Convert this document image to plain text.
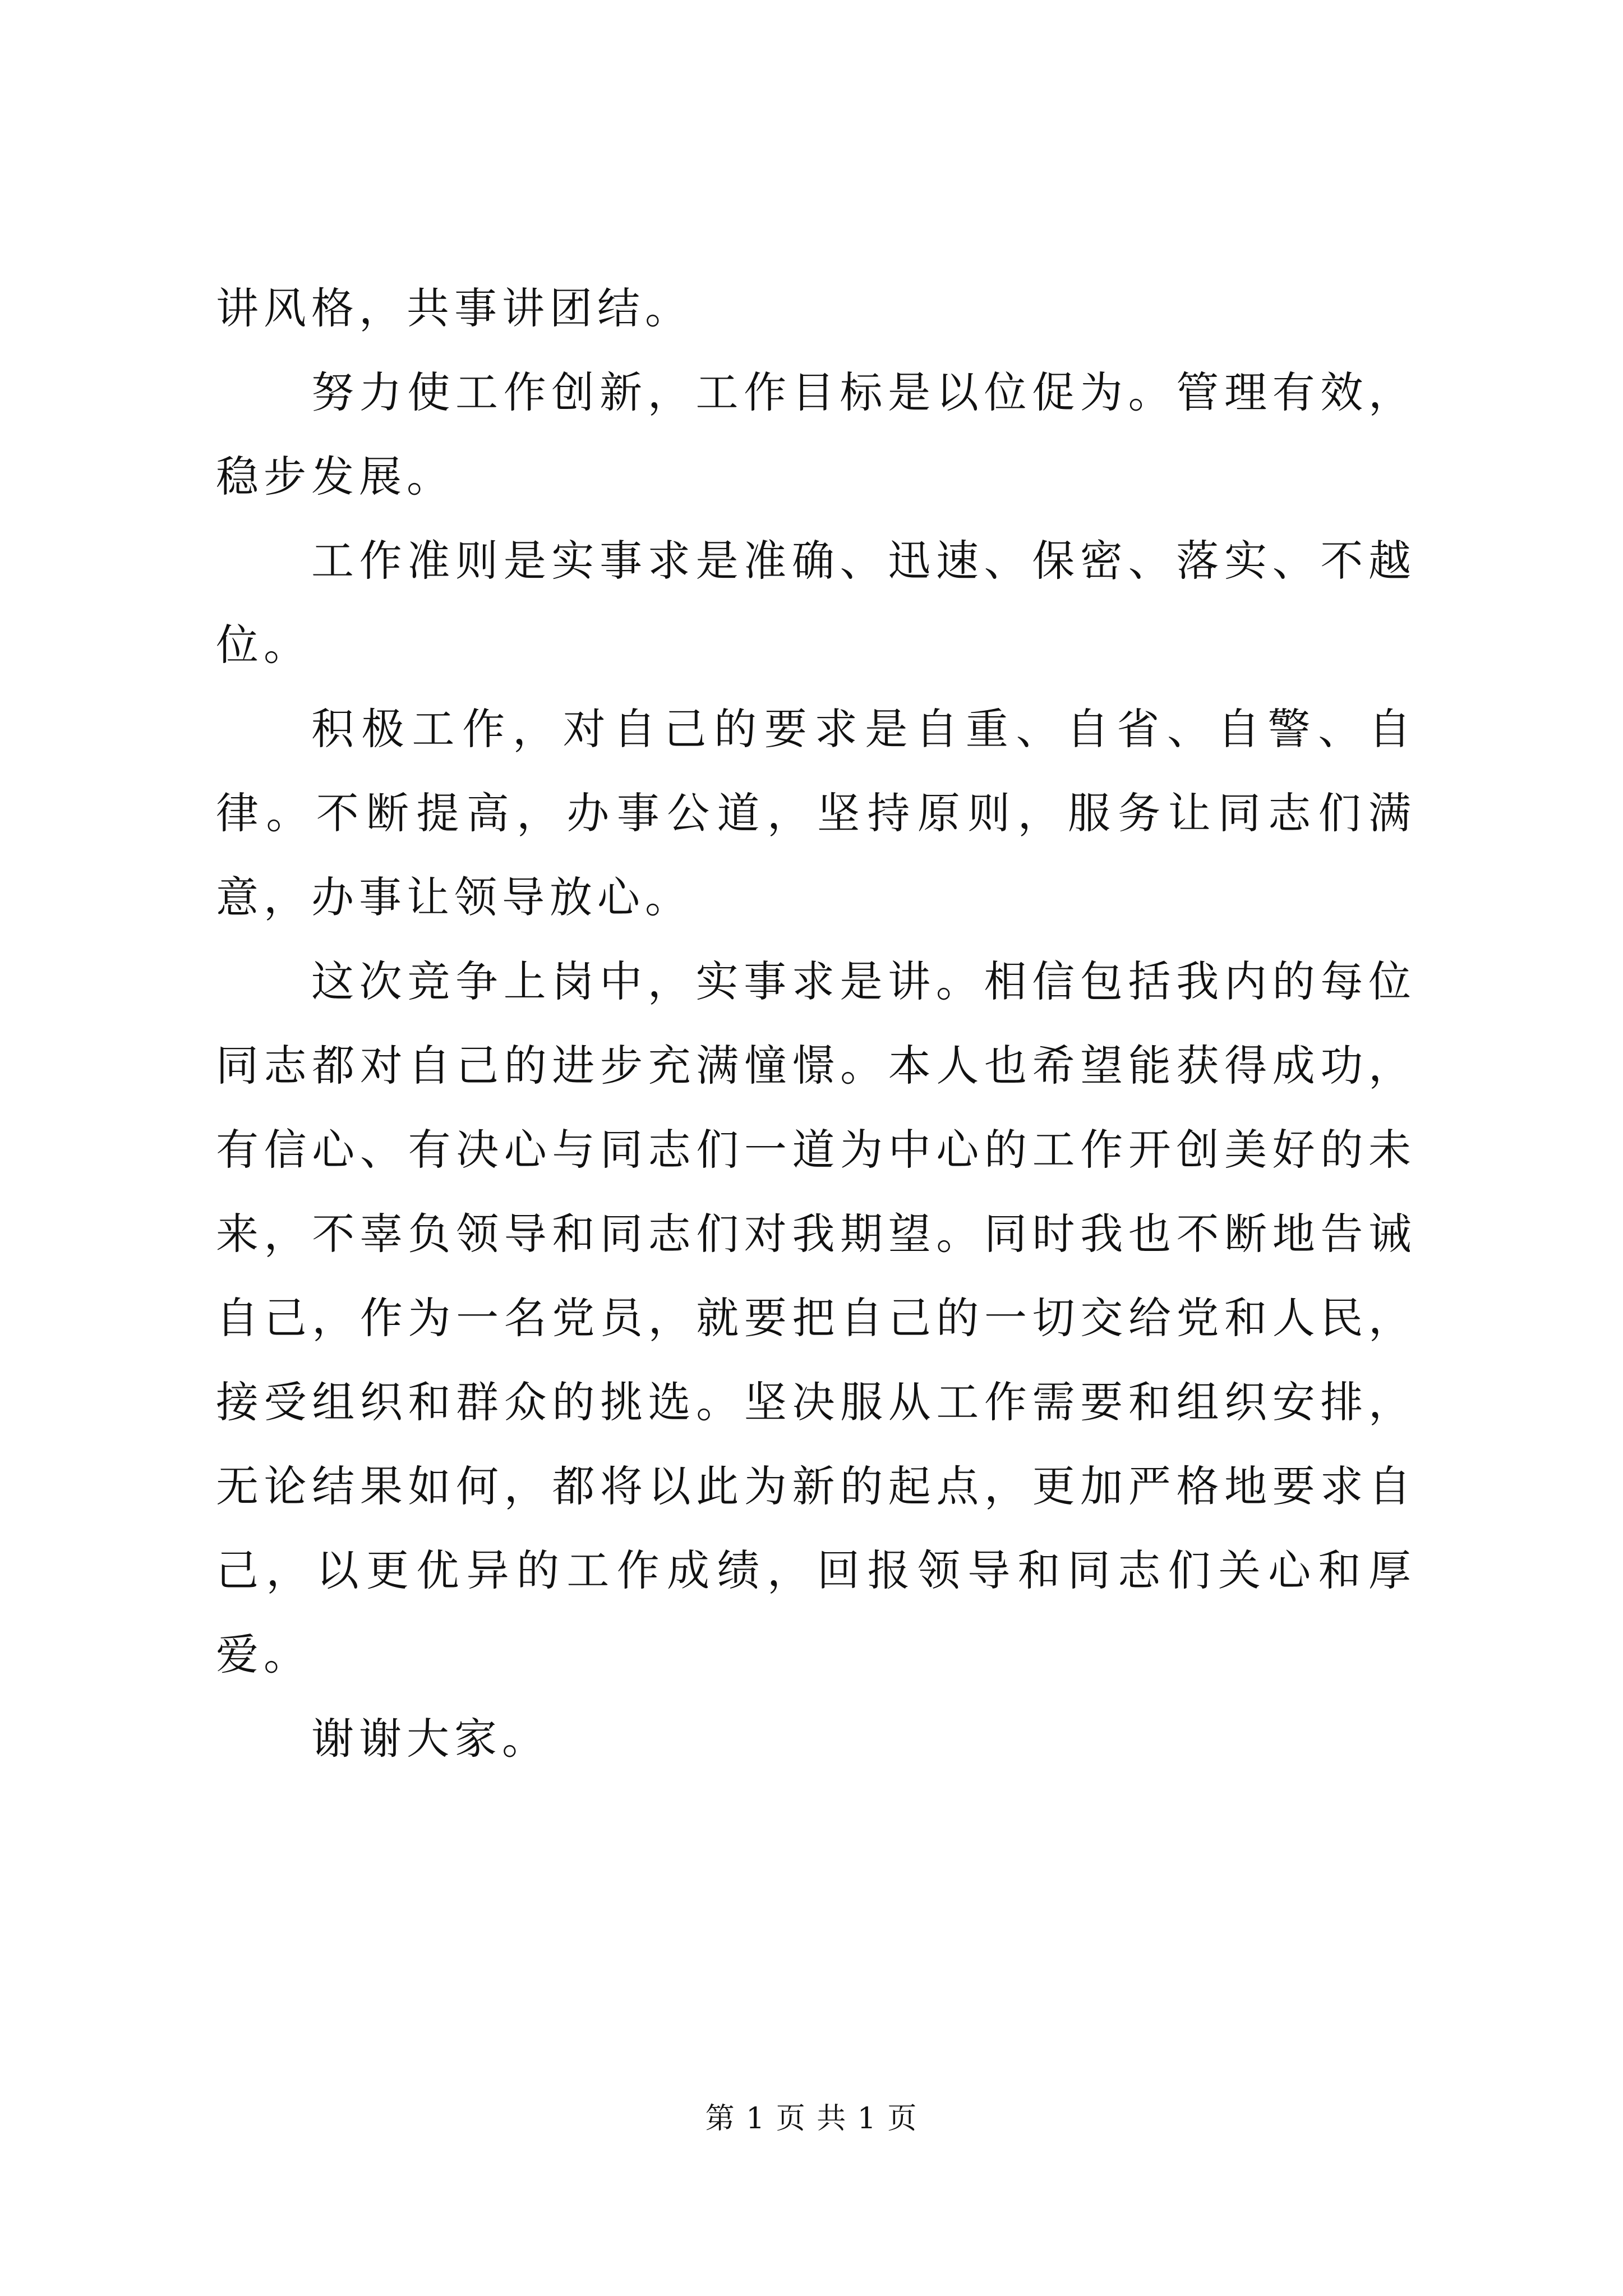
讲风格，共事讲团结。

努力使工作创新，工作目标是以位促为。管理有效，稳步发展。

工作准则是实事求是准确、迅速、保密、落实、不越位。

积极工作，对自己的要求是自重、自省、自警、自律。不断提高，办事公道，坚持原则，服务让同志们满意，办事让领导放心。

这次竞争上岗中，实事求是讲。相信包括我内的每位同志都对自己的进步充满憧憬。本人也希望能获得成功，有信心、有决心与同志们一道为中心的工作开创美好的未来，不辜负领导和同志们对我期望。同时我也不断地告诫自己，作为一名党员，就要把自己的一切交给党和人民，接受组织和群众的挑选。坚决服从工作需要和组织安排，无论结果如何，都将以此为新的起点，更加严格地要求自己，以更优异的工作成绩，回报领导和同志们关心和厚爱。

谢谢大家。

第 1 页 共 1 页
